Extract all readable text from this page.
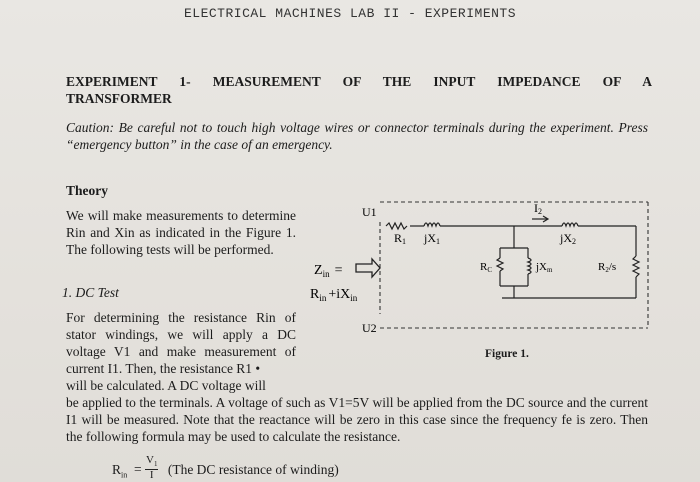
ELECTRICAL MACHINES LAB II - EXPERIMENTS
EXPERIMENT 1- MEASUREMENT OF THE INPUT IMPEDANCE OF A
TRANSFORMER
Caution: Be careful not to touch high voltage wires or connector terminals during the experiment. Press “emergency button” in the case of an emergency.
Theory

We will make measurements to determine Rin and Xin as indicated in the Figure 1. The following tests will be performed.

1. DC Test
For determining the resistance Rin of stator windings, we will apply a DC voltage V1 and make measurement of current I1. Then, the resistance R1 •
will be calculated. A DC voltage will
be applied to the terminals. A voltage of such as V1=5V will be applied from the DC source and the current I1 will be measured. Note that the reactance will be zero in this case since the frequency fe is zero. Then the following formula may be used to calculate the resistance.
U1
U2
R1 jX1
I2
jX2
RC	jXm	R2/s
$Z_{in}$ =
$R_{in} +iX_{in}$
Figure 1.
$R_{in} = \frac{V_1}{I} (The$ DC resistance of winding)
